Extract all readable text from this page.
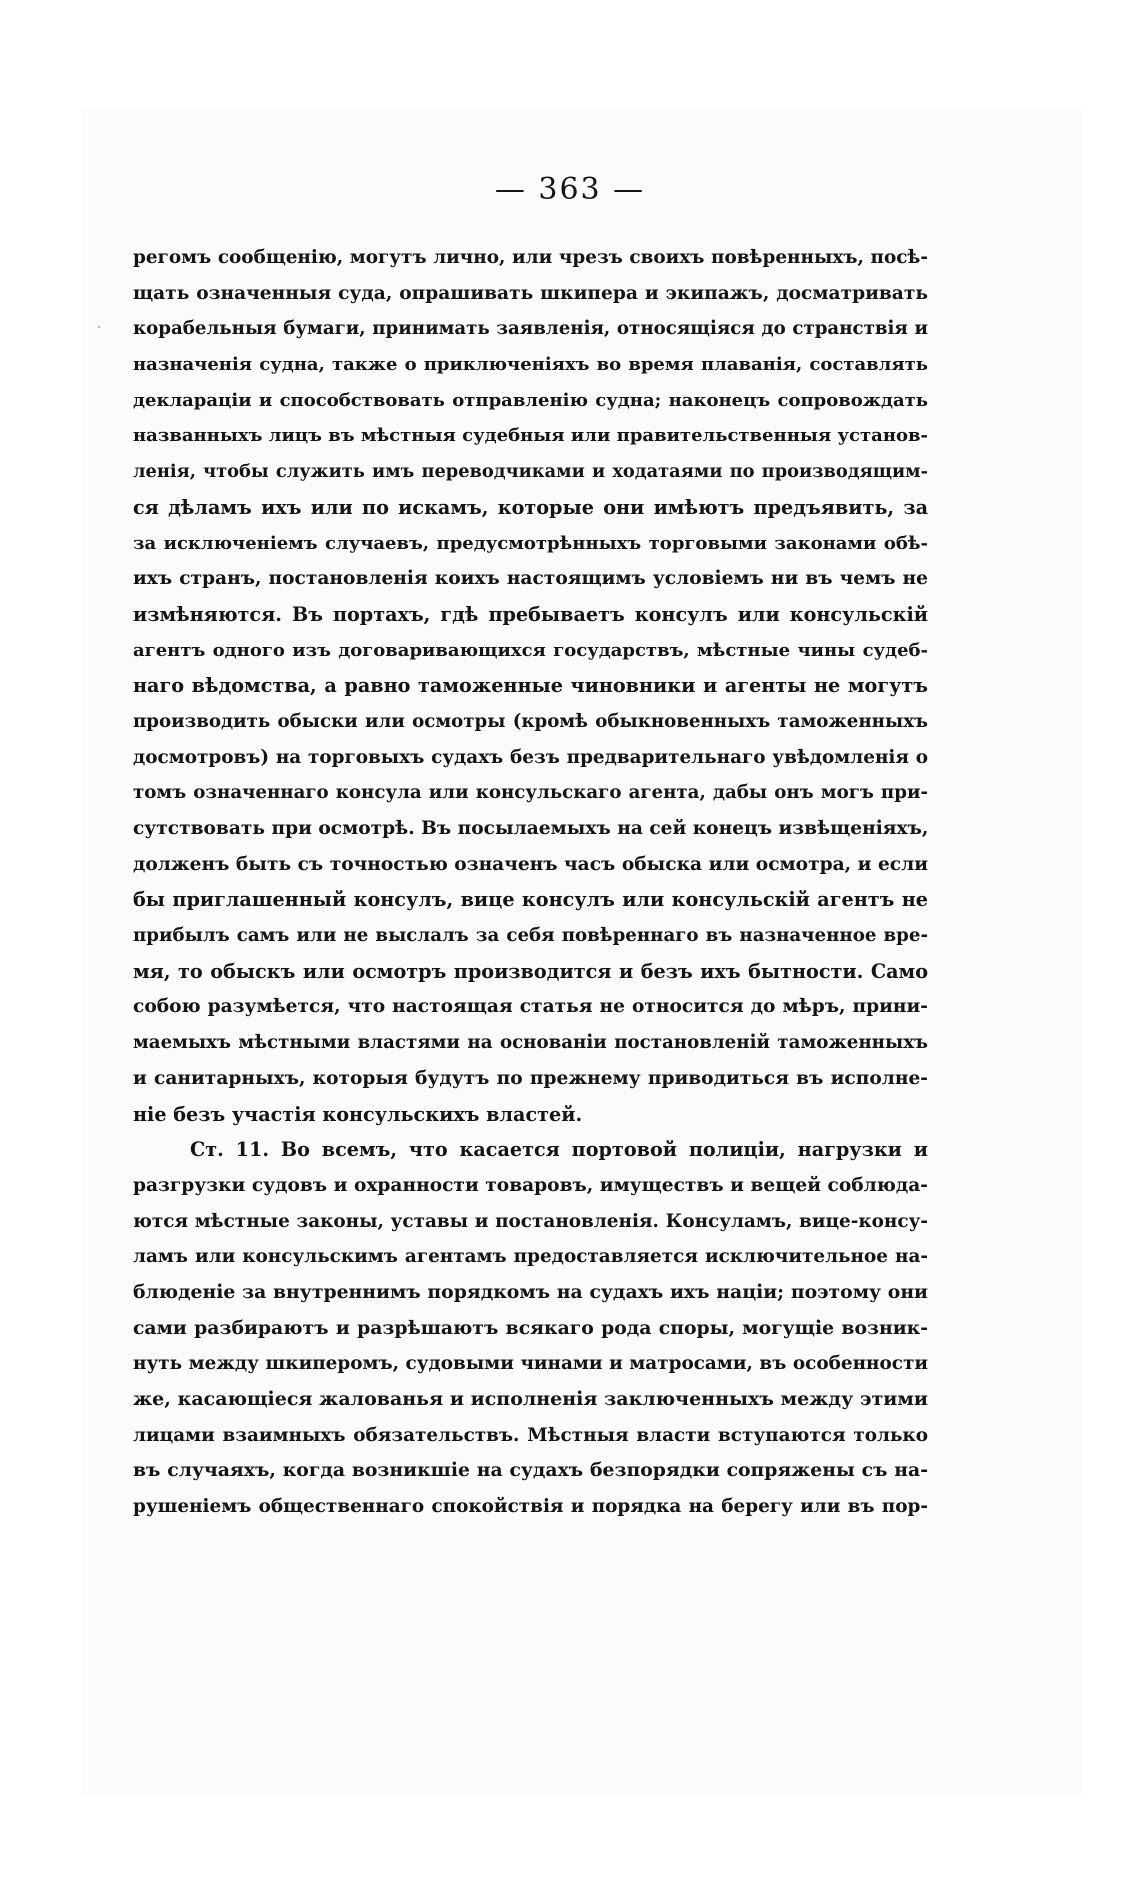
— 363 —
регомъ сообщенію, могутъ лично, или чрезъ своихъ повѣренныхъ, посѣ-
щать означенныя суда, опрашивать шкипера и экипажъ, досматривать
корабельныя бумаги, принимать заявленія, относящіяся до странствія и
назначенія судна, также о приключеніяхъ во время плаванія, составлять
декларацiи и способствовать отправленію судна; наконецъ сопровождать
названныхъ лицъ въ мѣстныя судебныя или правительственныя установ-
ленія, чтобы служить имъ переводчиками и ходатаями по производящим-
ся дѣламъ ихъ или по искамъ, которые они имѣютъ предъявить, за
за исключеніемъ случаевъ, предусмотрѣнныхъ торговыми законами обѣ-
ихъ странъ, постановленія коихъ настоящимъ условіемъ ни въ чемъ не
измѣняются. Въ портахъ, гдѣ пребываетъ консулъ или консульскій
агентъ одного изъ договаривающихся государствъ, мѣстные чины судеб-
наго вѣдомства, а равно таможенные чиновники и агенты не могутъ
производить обыски или осмотры (кромѣ обыкновенныхъ таможенныхъ
досмотровъ) на торговыхъ судахъ безъ предварительнаго увѣдомленія о
томъ означеннаго консула или консульскаго агента, дабы онъ могъ при-
сутствовать при осмотрѣ. Въ посылаемыхъ на сей конецъ извѣщеніяхъ,
долженъ быть съ точностью означенъ часъ обыска или осмотра, и если
бы приглашенный консулъ, вице консулъ или консульскій агентъ не
прибылъ самъ или не выслалъ за себя повѣреннаго въ назначенное вре-
мя, то обыскъ или осмотръ производится и безъ ихъ бытности. Само
собою разумѣется, что настоящая статья не относится до мѣръ, прини-
маемыхъ мѣстными властями на основаніи постановленій таможенныхъ
и санитарныхъ, которыя будутъ по прежнему приводиться въ исполне-
ніе безъ участія консульскихъ властей.
Ст. 11. Во всемъ, что касается портовой полиціи, нагрузки и
разгрузки судовъ и охранности товаровъ, имуществъ и вещей соблюда-
ются мѣстные законы, уставы и постановленія. Консуламъ, вице-консу-
ламъ или консульскимъ агентамъ предоставляется исключительное на-
блюденіе за внутреннимъ порядкомъ на судахъ ихъ націи; поэтому они
сами разбираютъ и разрѣшаютъ всякаго рода споры, могущіе возник-
нуть между шкиперомъ, судовыми чинами и матросами, въ особенности
же, касающіеся жалованья и исполненія заключенныхъ между этими
лицами взаимныхъ обязательствъ. Мѣстныя власти вступаются только
въ случаяхъ, когда возникшіе на судахъ безпорядки сопряжены съ на-
рушеніемъ общественнаго спокойствія и порядка на берегу или въ пор-
